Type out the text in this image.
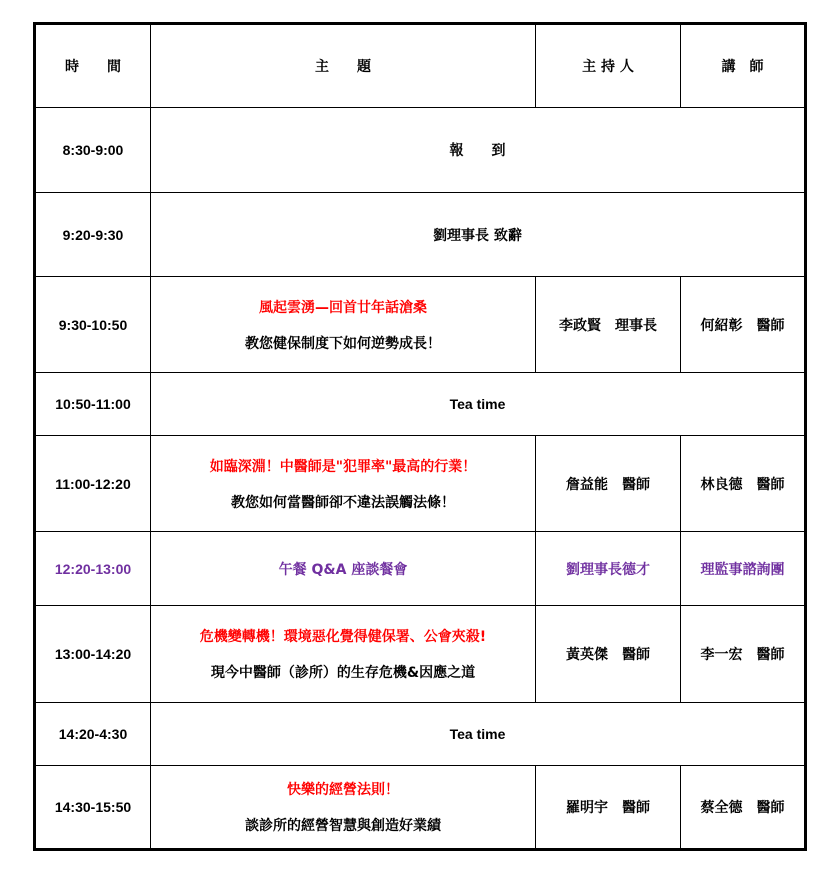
時　　間	主　　題	主 持 人	講　師
8:30-9:00	報　　到		
9:20-9:30	劉理事長 致辭		
9:30-10:50	風起雲湧—回首廿年話滄桑
教您健保制度下如何逆勢成長！	李政賢　理事長	何紹彰　醫師
10:50-11:00	Tea time		
11:00-12:20	如臨深淵！中醫師是"犯罪率"最高的行業！
教您如何當醫師卻不違法誤觸法條！	詹益能　醫師	林良德　醫師
12:20-13:00	午餐 Q&A 座談餐會	劉理事長德才	理監事諮詢團
13:00-14:20	危機變轉機！環境惡化覺得健保署、公會夾殺!
現今中醫師（診所）的生存危機&因應之道	黃英傑　醫師	李一宏　醫師
14:20-4:30	Tea time		
14:30-15:50	快樂的經營法則！
談診所的經營智慧與創造好業績	羅明宇　醫師	蔡全德　醫師
